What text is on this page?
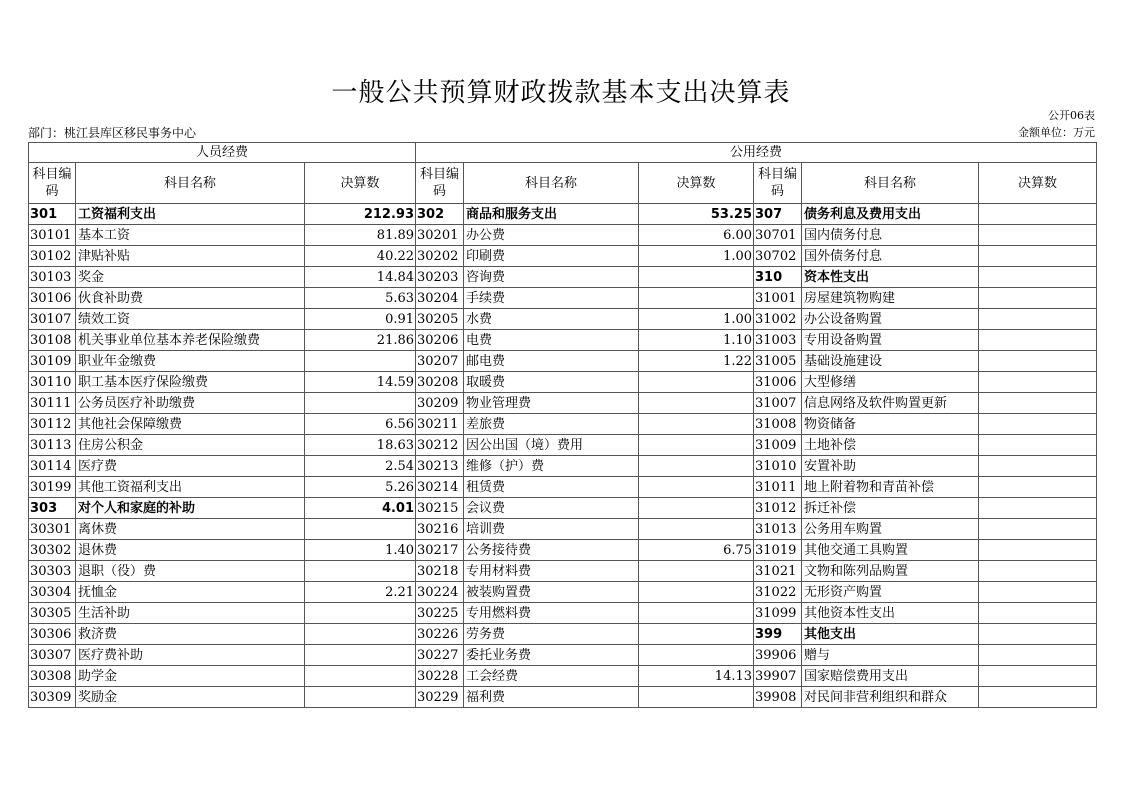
一般公共预算财政拨款基本支出决算表
公开06表
部门：桃江县库区移民事务中心	金额单位：万元
人员经费			公用经费					
科目编码	科目名称	决算数	科目编码	科目名称	决算数	科目编码	科目名称	决算数
301	工资福利支出	212.93	302	商品和服务支出	53.25	307	债务利息及费用支出	
30101	基本工资	81.89	30201	办公费	6.00	30701	国内债务付息	
30102	津贴补贴	40.22	30202	印刷费	1.00	30702	国外债务付息	
30103	奖金	14.84	30203	咨询费		310	资本性支出	
30106	伙食补助费	5.63	30204	手续费		31001	房屋建筑物购建	
30107	绩效工资	0.91	30205	水费	1.00	31002	办公设备购置	
30108	机关事业单位基本养老保险缴费	21.86	30206	电费	1.10	31003	专用设备购置	
30109	职业年金缴费		30207	邮电费	1.22	31005	基础设施建设	
30110	职工基本医疗保险缴费	14.59	30208	取暖费		31006	大型修缮	
30111	公务员医疗补助缴费		30209	物业管理费		31007	信息网络及软件购置更新	
30112	其他社会保障缴费	6.56	30211	差旅费		31008	物资储备	
30113	住房公积金	18.63	30212	因公出国（境）费用		31009	土地补偿	
30114	医疗费	2.54	30213	维修（护）费		31010	安置补助	
30199	其他工资福利支出	5.26	30214	租赁费		31011	地上附着物和青苗补偿	
303	对个人和家庭的补助	4.01	30215	会议费		31012	拆迁补偿	
30301	离休费		30216	培训费		31013	公务用车购置	
30302	退休费	1.40	30217	公务接待费	6.75	31019	其他交通工具购置	
30303	退职（役）费		30218	专用材料费		31021	文物和陈列品购置	
30304	抚恤金	2.21	30224	被装购置费		31022	无形资产购置	
30305	生活补助		30225	专用燃料费		31099	其他资本性支出	
30306	救济费		30226	劳务费		399	其他支出	
30307	医疗费补助		30227	委托业务费		39906	赠与	
30308	助学金		30228	工会经费	14.13	39907	国家赔偿费用支出	
30309	奖励金		30229	福利费		39908	对民间非营利组织和群众	
